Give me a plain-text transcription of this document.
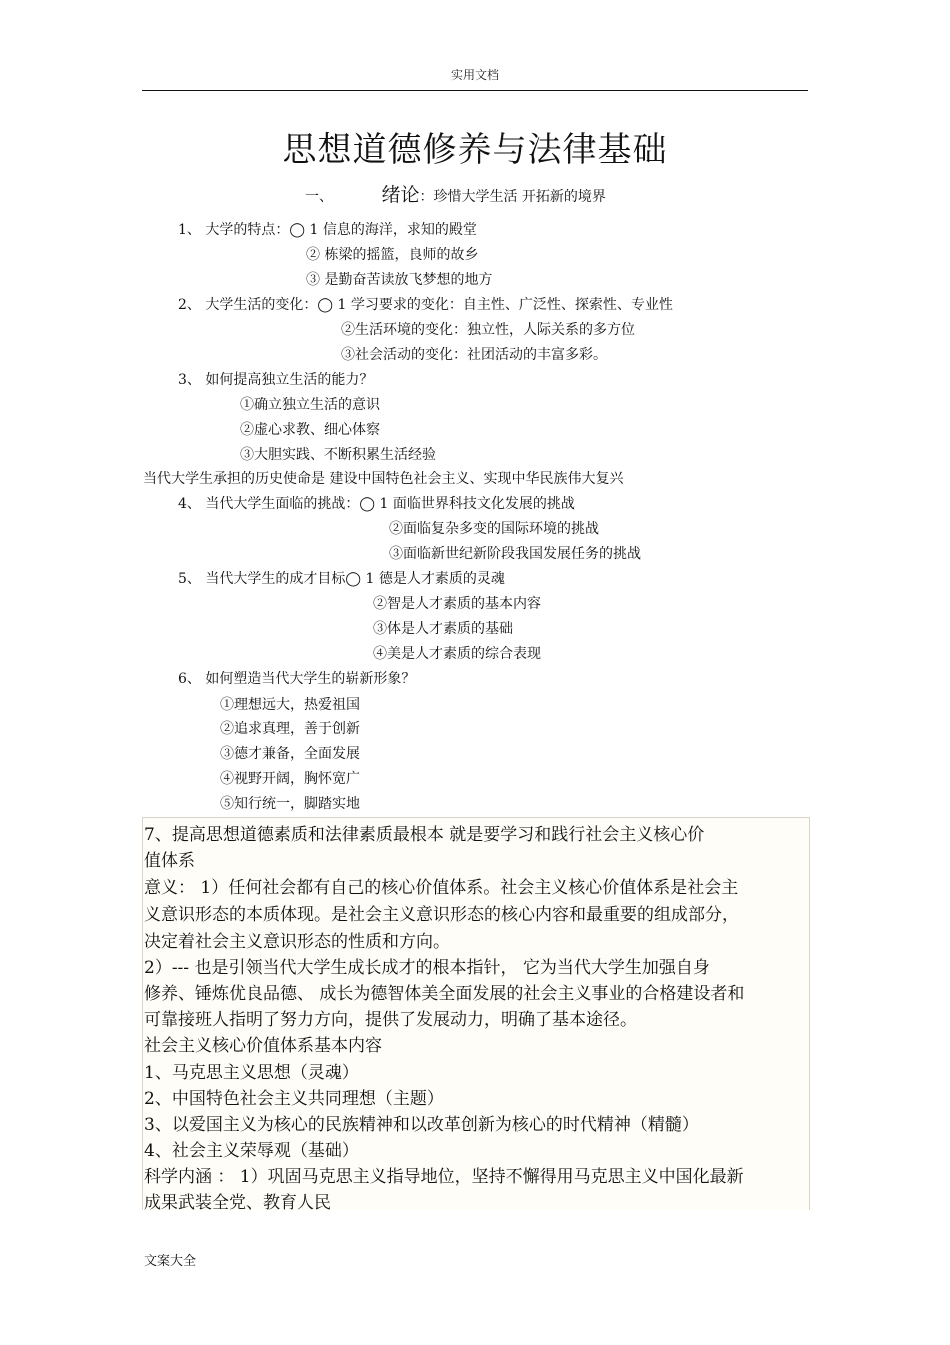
实用文档
思想道德修养与法律基础
一、	绪论：珍惜大学生活 开拓新的境界
1、 大学的特点：◯ 1 信息的海洋，求知的殿堂
② 栋梁的摇篮，良师的故乡
③ 是勤奋苦读放飞梦想的地方
2、 大学生活的变化：◯ 1 学习要求的变化：自主性、广泛性、探索性、专业性
②生活环境的变化：独立性，人际关系的多方位
③社会活动的变化：社团活动的丰富多彩。
3、 如何提高独立生活的能力？
①确立独立生活的意识
②虚心求教、细心体察
③大胆实践、不断积累生活经验
当代大学生承担的历史使命是 建设中国特色社会主义、实现中华民族伟大复兴
4、 当代大学生面临的挑战：◯ 1 面临世界科技文化发展的挑战
②面临复杂多变的国际环境的挑战
③面临新世纪新阶段我国发展任务的挑战
5、 当代大学生的成才目标◯ 1 德是人才素质的灵魂
②智是人才素质的基本内容
③体是人才素质的基础
④美是人才素质的综合表现
6、 如何塑造当代大学生的崭新形象？
①理想远大，热爱祖国
②追求真理，善于创新
③德才兼备，全面发展
④视野开阔，胸怀宽广
⑤知行统一，脚踏实地
7、提高思想道德素质和法律素质最根本 就是要学习和践行社会主义核心价
值体系
意义： 1）任何社会都有自己的核心价值体系。社会主义核心价值体系是社会主
义意识形态的本质体现。是社会主义意识形态的核心内容和最重要的组成部分，
决定着社会主义意识形态的性质和方向。
2）--- 也是引领当代大学生成长成才的根本指针， 它为当代大学生加强自身
修养、锤炼优良品德、 成长为德智体美全面发展的社会主义事业的合格建设者和
可靠接班人指明了努力方向，提供了发展动力，明确了基本途径。
社会主义核心价值体系基本内容
1、马克思主义思想（灵魂）
2、中国特色社会主义共同理想（主题）
3、以爱国主义为核心的民族精神和以改革创新为核心的时代精神（精髓）
4、社会主义荣辱观（基础）
科学内涵 ： 1）巩固马克思主义指导地位，坚持不懈得用马克思主义中国化最新
成果武装全党、教育人民
文案大全
